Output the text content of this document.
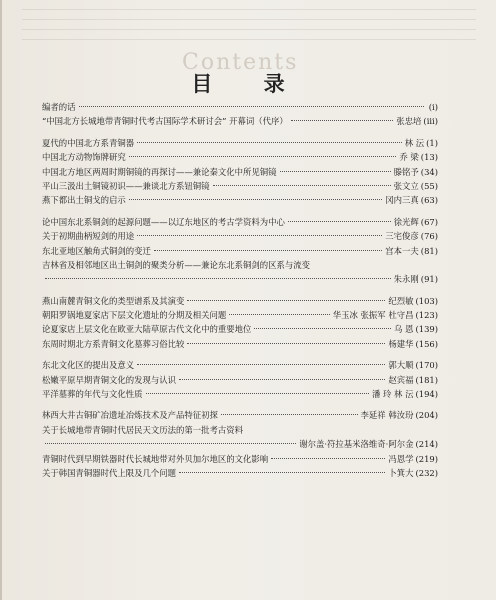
Contents
目 录
编者的话	(i)
“中国北方长城地带青铜时代考古国际学术研讨会” 开幕词（代序）	张忠培 (iii)
夏代的中国北方系青铜器	林 沄 (1)
中国北方动物饰牌研究	乔 梁 (13)
中国北方地区两周时期铜镜的再探讨——兼论秦文化中所见铜镜	滕铭予 (34)
平山三汲出土铜镜初识——兼谈北方系钮铜镜	张文立 (55)
燕下都出土铜戈的启示	冈内三真 (63)
论中国东北系铜剑的起源问题——以辽东地区的考古学资料为中心	徐光辉 (67)
关于初期曲柄短剑的用途	三宅俊彦 (76)
东北亚地区触角式铜剑的变迁	宫本一夫 (81)
吉林省及相邻地区出土铜剑的聚类分析——兼论东北系铜剑的区系与流变
朱永刚 (91)
燕山南麓青铜文化的类型谱系及其演变	纪烈敏 (103)
朝阳罗锅地夏家店下层文化遗址的分期及相关问题	华玉冰 张振军 杜守昌 (123)
论夏家店上层文化在欧亚大陆草原古代文化中的重要地位	乌 恩 (139)
东周时期北方系青铜文化墓葬习俗比较	杨建华 (156)
东北文化区的提出及意义	郭大顺 (170)
松嫩平原早期青铜文化的发现与认识	赵宾福 (181)
平洋墓葬的年代与文化性质	潘 玲 林 沄 (194)
林西大井古铜矿冶遗址冶炼技术及产品特征初探	李延祥 韩汝玢 (204)
关于长城地带青铜时代居民天文历法的第一批考古资料
谢尔盖·符拉基米洛维奇·阿尔金 (214)
青铜时代到早期铁器时代长城地带对外贝加尔地区的文化影响	冯恩学 (219)
关于韩国青铜器时代上限及几个问题	卜箕大 (232)
